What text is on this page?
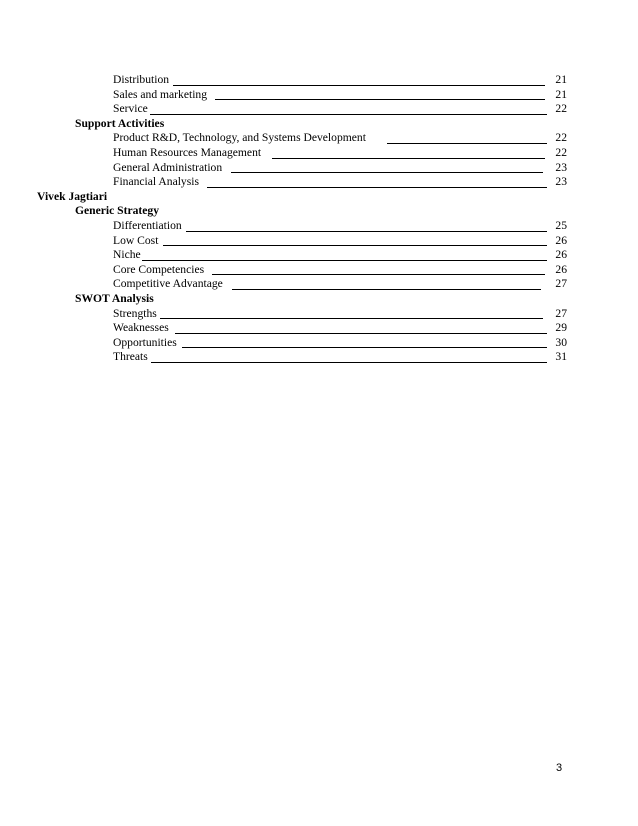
Distribution	21
Sales and marketing	21
Service	22
Support Activities
Product R&D, Technology, and Systems Development	22
Human Resources Management	22
General Administration	23
Financial Analysis	23
Vivek Jagtiari
Generic Strategy
Differentiation	25
Low Cost	26
Niche	26
Core Competencies	26
Competitive Advantage	27
SWOT Analysis
Strengths	27
Weaknesses	29
Opportunities	30
Threats	31
3
